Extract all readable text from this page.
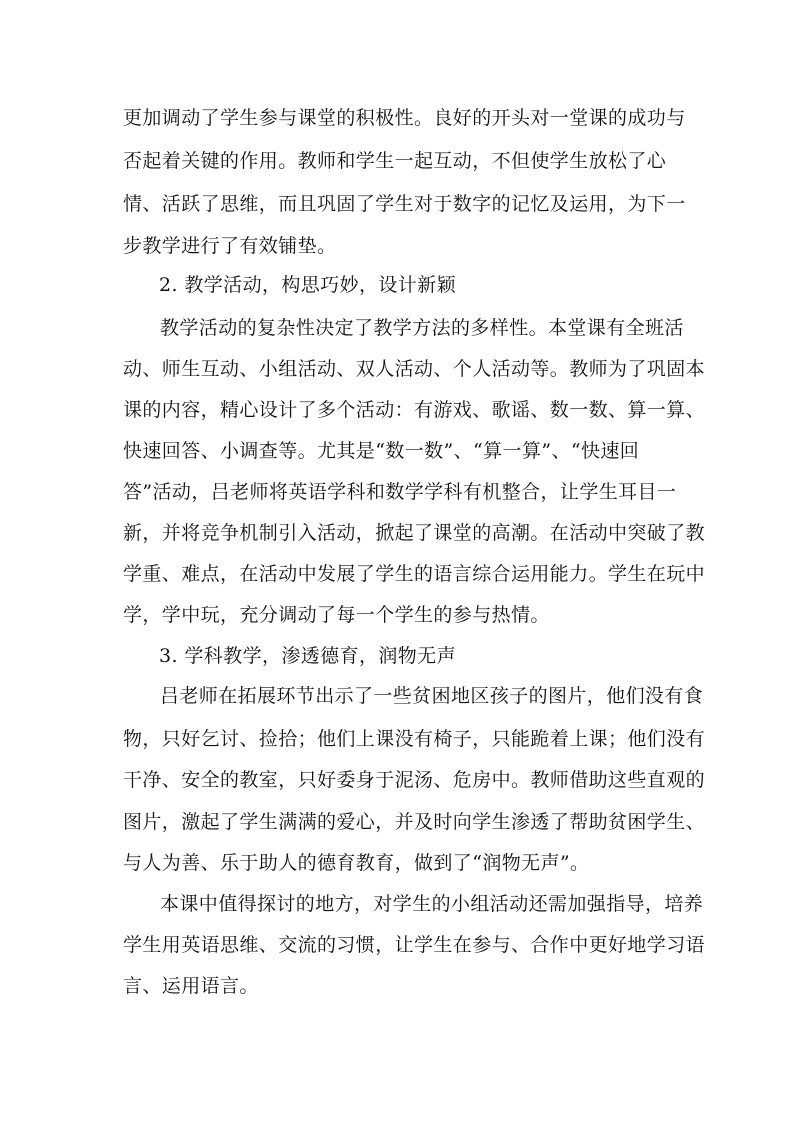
更加调动了学生参与课堂的积极性。良好的开头对一堂课的成功与
否起着关键的作用。教师和学生一起互动，不但使学生放松了心
情、活跃了思维，而且巩固了学生对于数字的记忆及运用，为下一
步教学进行了有效铺垫。
2. 教学活动，构思巧妙，设计新颖
教学活动的复杂性决定了教学方法的多样性。本堂课有全班活
动、师生互动、小组活动、双人活动、个人活动等。教师为了巩固本
课的内容，精心设计了多个活动：有游戏、歌谣、数一数、算一算、
快速回答、小调查等。尤其是“数一数”、“算一算”、“快速回
答”活动，吕老师将英语学科和数学学科有机整合，让学生耳目一
新，并将竞争机制引入活动，掀起了课堂的高潮。在活动中突破了教
学重、难点，在活动中发展了学生的语言综合运用能力。学生在玩中
学，学中玩，充分调动了每一个学生的参与热情。
3. 学科教学，渗透德育，润物无声
吕老师在拓展环节出示了一些贫困地区孩子的图片，他们没有食
物，只好乞讨、捡拾；他们上课没有椅子，只能跪着上课；他们没有
干净、安全的教室，只好委身于泥汤、危房中。教师借助这些直观的
图片，激起了学生满满的爱心，并及时向学生渗透了帮助贫困学生、
与人为善、乐于助人的德育教育，做到了“润物无声”。
本课中值得探讨的地方，对学生的小组活动还需加强指导，培养
学生用英语思维、交流的习惯，让学生在参与、合作中更好地学习语
言、运用语言。
